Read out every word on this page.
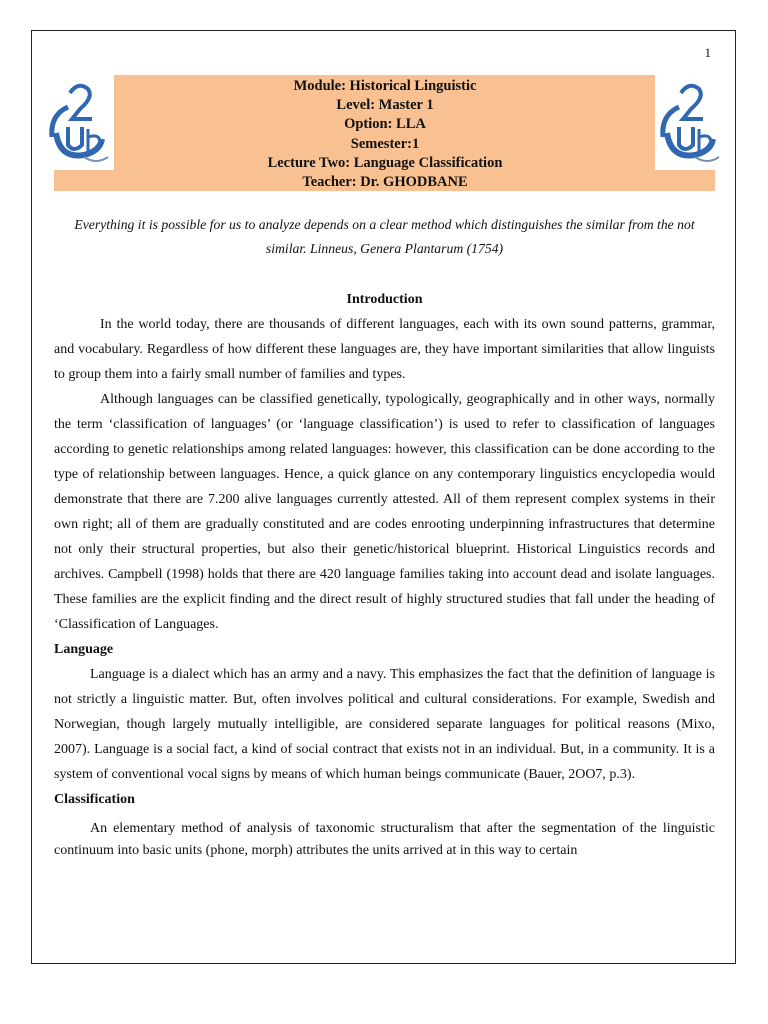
1
Module: Historical Linguistic
Level: Master 1
Option: LLA
Semester:1
Lecture Two: Language Classification
Teacher: Dr. GHODBANE
Everything it is possible for us to analyze depends on a clear method which distinguishes the similar from the not similar. Linneus, Genera Plantarum (1754)

Introduction

In the world today, there are thousands of different languages, each with its own sound patterns, grammar, and vocabulary. Regardless of how different these languages are, they have important similarities that allow linguists to group them into a fairly small number of families and types.

Although languages can be classified genetically, typologically, geographically and in other ways, normally the term ‘classification of languages’ (or ‘language classification’) is used to refer to classification of languages according to genetic relationships among related languages: however, this classification can be done according to the type of relationship between languages. Hence, a quick glance on any contemporary linguistics encyclopedia would demonstrate that there are 7.200 alive languages currently attested. All of them represent complex systems in their own right; all of them are gradually constituted and are codes enrooting underpinning infrastructures that determine not only their structural properties, but also their genetic/historical blueprint. Historical Linguistics records and archives. Campbell (1998) holds that there are 420 language families taking into account dead and isolate languages. These families are the explicit finding and the direct result of highly structured studies that fall under the heading of ‘Classification of Languages.

Language

Language is a dialect which has an army and a navy. This emphasizes the fact that the definition of language is not strictly a linguistic matter. But, often involves political and cultural considerations. For example, Swedish and Norwegian, though largely mutually intelligible, are considered separate languages for political reasons (Mixo, 2007). Language is a social fact, a kind of social contract that exists not in an individual. But, in a community. It is a system of conventional vocal signs by means of which human beings communicate (Bauer, 2OO7, p.3).

Classification

An elementary method of analysis of taxonomic structuralism that after the segmentation of the linguistic continuum into basic units (phone, morph) attributes the units arrived at in this way to certain
